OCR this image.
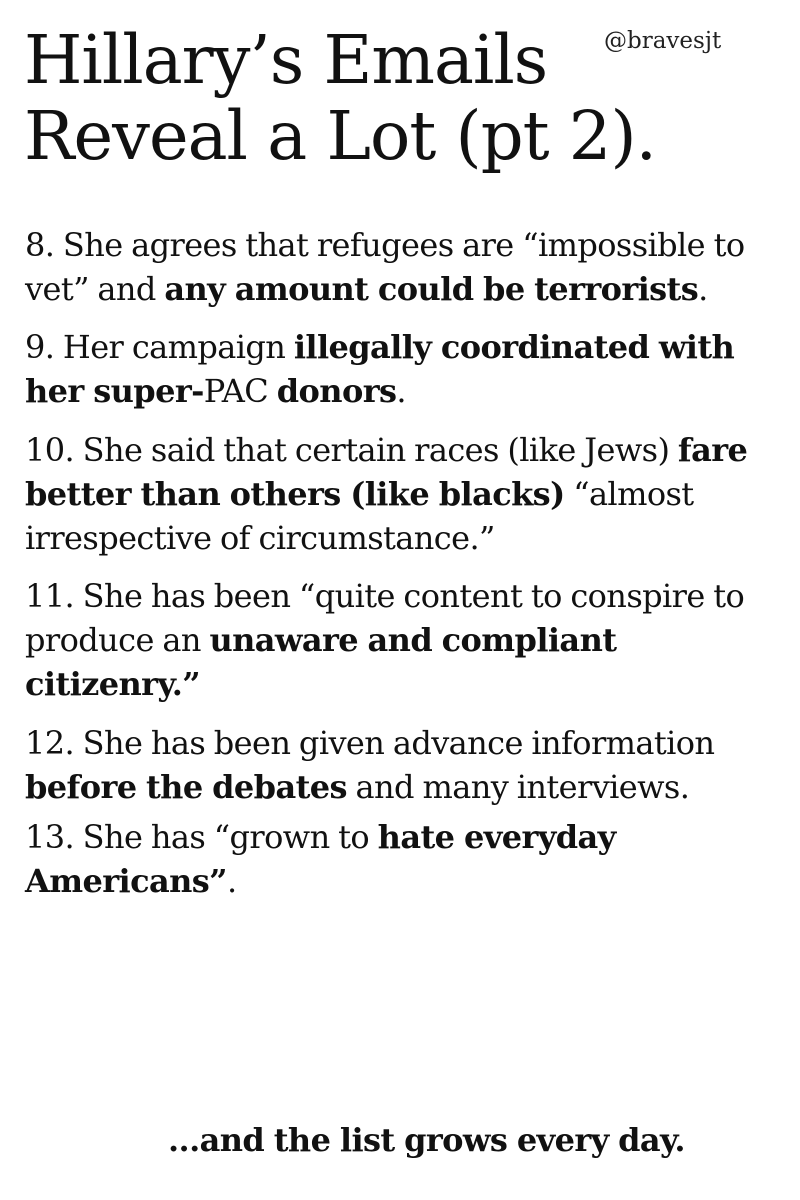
Hillary’s Emails
Reveal a Lot (pt 2).
@bravesjt

8. She agrees that refugees are “impossible to vet” and any amount could be terrorists.

9. Her campaign illegally coordinated with her super-PAC donors.

10. She said that certain races (like Jews) fare better than others (like blacks) “almost irrespective of circumstance.”

11. She has been “quite content to conspire to produce an unaware and compliant citizenry.”

12. She has been given advance information before the debates and many interviews.

13. She has “grown to hate everyday Americans”.

...and the list grows every day.
